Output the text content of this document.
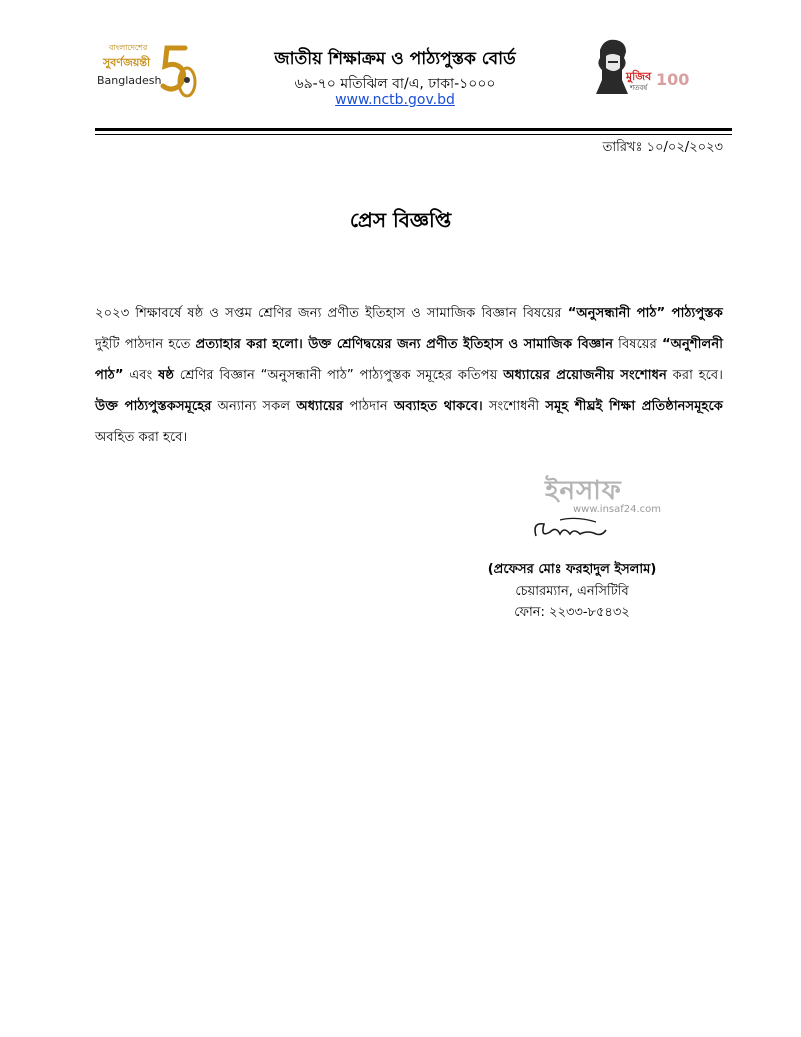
বাংলাদেশের
সুবর্ণজয়ন্তী
Bangladesh
জাতীয় শিক্ষাক্রম ও পাঠ্যপুস্তক বোর্ড
৬৯-৭০ মতিঝিল বা/এ, ঢাকা-১০০০
www.nctb.gov.bd
মুজিব
শতবর্ষ 100
তারিখঃ ১০/০২/২০২৩
প্রেস বিজ্ঞপ্তি
২০২৩ শিক্ষাবর্ষে ষষ্ঠ ও সপ্তম শ্রেণির জন্য প্রণীত ইতিহাস ও সামাজিক বিজ্ঞান বিষয়ের “অনুসন্ধানী পাঠ” পাঠ্যপুস্তক দুইটি পাঠদান হতে প্রত্যাহার করা হলো। উক্ত শ্রেণিদ্বয়ের জন্য প্রণীত ইতিহাস ও সামাজিক বিজ্ঞান বিষয়ের “অনুশীলনী পাঠ” এবং ষষ্ঠ শ্রেণির বিজ্ঞান “অনুসন্ধানী পাঠ” পাঠ্যপুস্তক সমূহের কতিপয় অধ্যায়ের প্রয়োজনীয় সংশোধন করা হবে। উক্ত পাঠ্যপুস্তকসমূহের অন্যান্য সকল অধ্যায়ের পাঠদান অব্যাহত থাকবে। সংশোধনী সমূহ শীঘ্রই শিক্ষা প্রতিষ্ঠানসমূহকে অবহিত করা হবে।
ইনসাফ
www.insaf24.com
(প্রফেসর মোঃ ফরহাদুল ইসলাম)
চেয়ারম্যান, এনসিটিবি
ফোন: ২২৩৩-৮৫৪৩২
